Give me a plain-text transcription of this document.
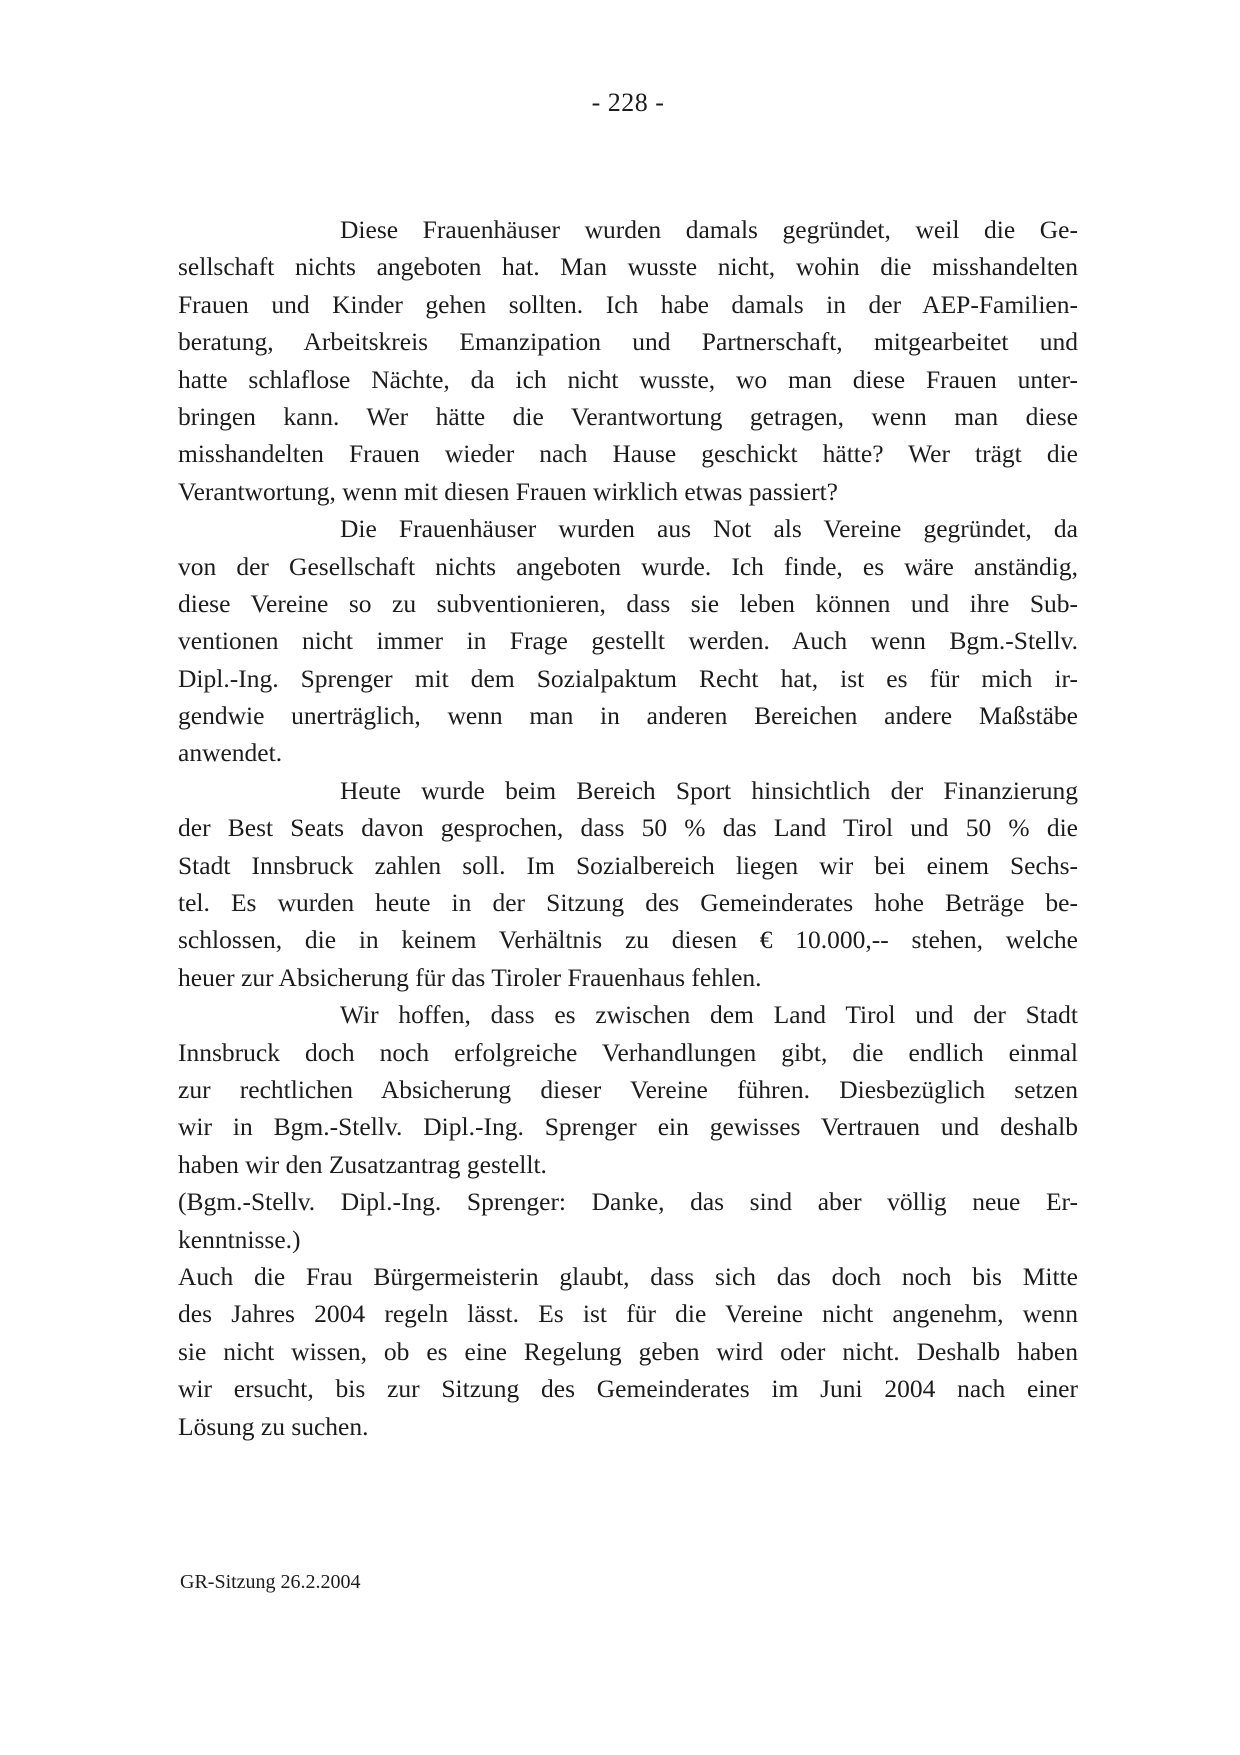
- 228 -
Diese Frauenhäuser wurden damals gegründet, weil die Ge-
sellschaft nichts angeboten hat. Man wusste nicht, wohin die misshandelten
Frauen und Kinder gehen sollten. Ich habe damals in der AEP-Familien-
beratung, Arbeitskreis Emanzipation und Partnerschaft, mitgearbeitet und
hatte schlaflose Nächte, da ich nicht wusste, wo man diese Frauen unter-
bringen kann. Wer hätte die Verantwortung getragen, wenn man diese
misshandelten Frauen wieder nach Hause geschickt hätte? Wer trägt die
Verantwortung, wenn mit diesen Frauen wirklich etwas passiert?
Die Frauenhäuser wurden aus Not als Vereine gegründet, da
von der Gesellschaft nichts angeboten wurde. Ich finde, es wäre anständig,
diese Vereine so zu subventionieren, dass sie leben können und ihre Sub-
ventionen nicht immer in Frage gestellt werden. Auch wenn Bgm.-Stellv.
Dipl.-Ing. Sprenger mit dem Sozialpaktum Recht hat, ist es für mich ir-
gendwie unerträglich, wenn man in anderen Bereichen andere Maßstäbe
anwendet.
Heute wurde beim Bereich Sport hinsichtlich der Finanzierung
der Best Seats davon gesprochen, dass 50 % das Land Tirol und 50 % die
Stadt Innsbruck zahlen soll. Im Sozialbereich liegen wir bei einem Sechs-
tel. Es wurden heute in der Sitzung des Gemeinderates hohe Beträge be-
schlossen, die in keinem Verhältnis zu diesen € 10.000,-- stehen, welche
heuer zur Absicherung für das Tiroler Frauenhaus fehlen.
Wir hoffen, dass es zwischen dem Land Tirol und der Stadt
Innsbruck doch noch erfolgreiche Verhandlungen gibt, die endlich einmal
zur rechtlichen Absicherung dieser Vereine führen. Diesbezüglich setzen
wir in Bgm.-Stellv. Dipl.-Ing. Sprenger ein gewisses Vertrauen und deshalb
haben wir den Zusatzantrag gestellt.
(Bgm.-Stellv. Dipl.-Ing. Sprenger: Danke, das sind aber völlig neue Er-
kenntnisse.)
Auch die Frau Bürgermeisterin glaubt, dass sich das doch noch bis Mitte
des Jahres 2004 regeln lässt. Es ist für die Vereine nicht angenehm, wenn
sie nicht wissen, ob es eine Regelung geben wird oder nicht. Deshalb haben
wir ersucht, bis zur Sitzung des Gemeinderates im Juni 2004 nach einer
Lösung zu suchen.
GR-Sitzung 26.2.2004
